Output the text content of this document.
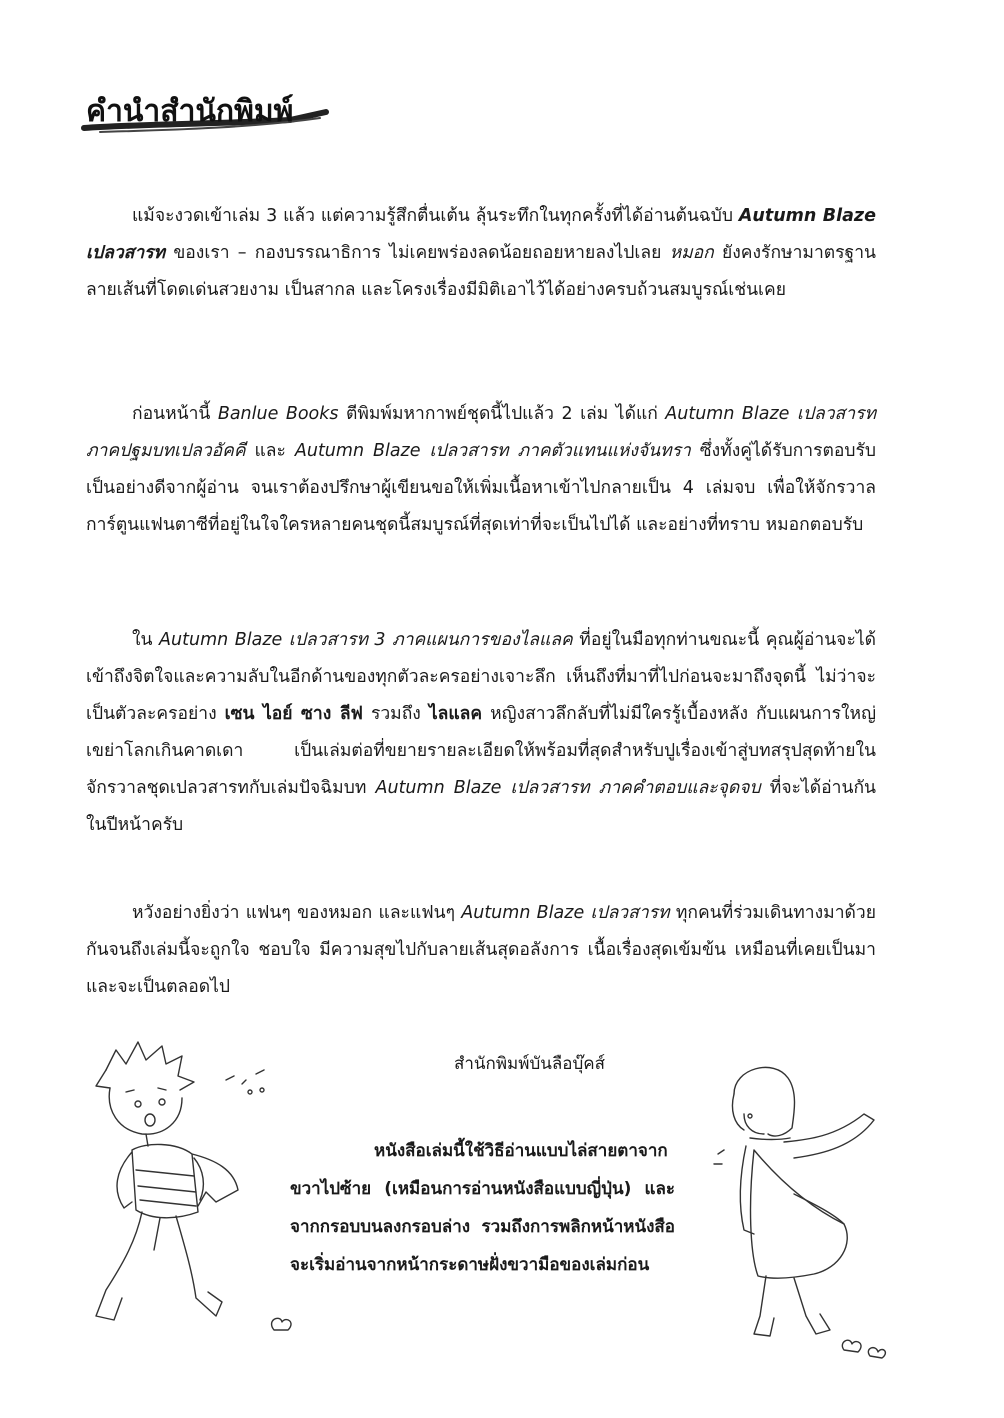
คำนำสำนักพิมพ์

แม้จะงวดเข้าเล่ม 3 แล้ว แต่ความรู้สึกตื่นเต้น ลุ้นระทึกในทุกครั้งที่ได้อ่านต้นฉบับ Autumn Blaze เปลวสารท ของเรา – กองบรรณาธิการ ไม่เคยพร่องลดน้อยถอยหายลงไปเลย หมอก ยังคงรักษามาตรฐานลายเส้นที่โดดเด่นสวยงาม เป็นสากล และโครงเรื่องมีมิติเอาไว้ได้อย่างครบถ้วนสมบูรณ์เช่นเคย

ก่อนหน้านี้ Banlue Books ตีพิมพ์มหากาพย์ชุดนี้ไปแล้ว 2 เล่ม ได้แก่ Autumn Blaze เปลวสารท ภาคปฐมบทเปลวอัคคี และ Autumn Blaze เปลวสารท ภาคตัวแทนแห่งจันทรา ซึ่งทั้งคู่ได้รับการตอบรับเป็นอย่างดีจากผู้อ่าน จนเราต้องปรึกษาผู้เขียนขอให้เพิ่มเนื้อหาเข้าไปกลายเป็น 4 เล่มจบ เพื่อให้จักรวาลการ์ตูนแฟนตาซีที่อยู่ในใจใครหลายคนชุดนี้สมบูรณ์ที่สุดเท่าที่จะเป็นไปได้ และอย่างที่ทราบ หมอกตอบรับ

ใน Autumn Blaze เปลวสารท 3 ภาคแผนการของไลแลค ที่อยู่ในมือทุกท่านขณะนี้ คุณผู้อ่านจะได้เข้าถึงจิตใจและความลับในอีกด้านของทุกตัวละครอย่างเจาะลึก เห็นถึงที่มาที่ไปก่อนจะมาถึงจุดนี้ ไม่ว่าจะเป็นตัวละครอย่าง เซน ไอย์ ซาง ลีฟ รวมถึง ไลแลค หญิงสาวลึกลับที่ไม่มีใครรู้เบื้องหลัง กับแผนการใหญ่เขย่าโลกเกินคาดเดา เป็นเล่มต่อที่ขยายรายละเอียดให้พร้อมที่สุดสำหรับปูเรื่องเข้าสู่บทสรุปสุดท้ายในจักรวาลชุดเปลวสารทกับเล่มปัจฉิมบท Autumn Blaze เปลวสารท ภาคคำตอบและจุดจบ ที่จะได้อ่านกันในปีหน้าครับ

หวังอย่างยิ่งว่า แฟนๆ ของหมอก และแฟนๆ Autumn Blaze เปลวสารท ทุกคนที่ร่วมเดินทางมาด้วยกันจนถึงเล่มนี้จะถูกใจ ชอบใจ มีความสุขไปกับลายเส้นสุดอลังการ เนื้อเรื่องสุดเข้มข้น เหมือนที่เคยเป็นมาและจะเป็นตลอดไป

สำนักพิมพ์บันลือบุ๊คส์
หนังสือเล่มนี้ใช้วิธีอ่านแบบไล่สายตาจากขวาไปซ้าย (เหมือนการอ่านหนังสือแบบญี่ปุ่น) และจากกรอบบนลงกรอบล่าง รวมถึงการพลิกหน้าหนังสือ จะเริ่มอ่านจากหน้ากระดาษฝั่งขวามือของเล่มก่อน
